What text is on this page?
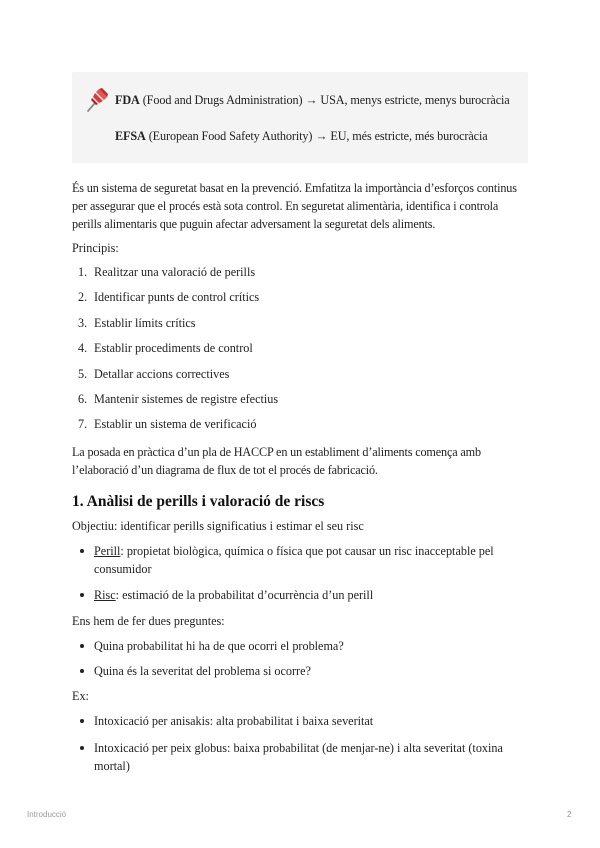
FDA (Food and Drugs Administration) → USA, menys estricte, menys burocràcia
EFSA (European Food Safety Authority) → EU, més estricte, més burocràcia

És un sistema de seguretat basat en la prevenció. Emfatitza la importància d’esforços continus per assegurar que el procés està sota control. En seguretat alimentària, identifica i controla perills alimentaris que puguin afectar adversament la seguretat dels aliments.

Principis:

1. Realitzar una valoració de perills
2. Identificar punts de control crítics
3. Establir límits crítics
4. Establir procediments de control
5. Detallar accions correctives
6. Mantenir sistemes de registre efectius
7. Establir un sistema de verificació

La posada en pràctica d’un pla de HACCP en un establiment d’aliments comença amb l’elaboració d’un diagrama de flux de tot el procés de fabricació.

1. Anàlisi de perills i valoració de riscs

Objectiu: identificar perills significatius i estimar el seu risc

Perill: propietat biològica, química o física que pot causar un risc inacceptable pel consumidor
Risc: estimació de la probabilitat d’ocurrència d’un perill

Ens hem de fer dues preguntes:

Quina probabilitat hi ha de que ocorri el problema?
Quina és la severitat del problema si ocorre?

Ex:

Intoxicació per anisakis: alta probabilitat i baixa severitat
Intoxicació per peix globus: baixa probabilitat (de menjar-ne) i alta severitat (toxina mortal)
Introducció	2
